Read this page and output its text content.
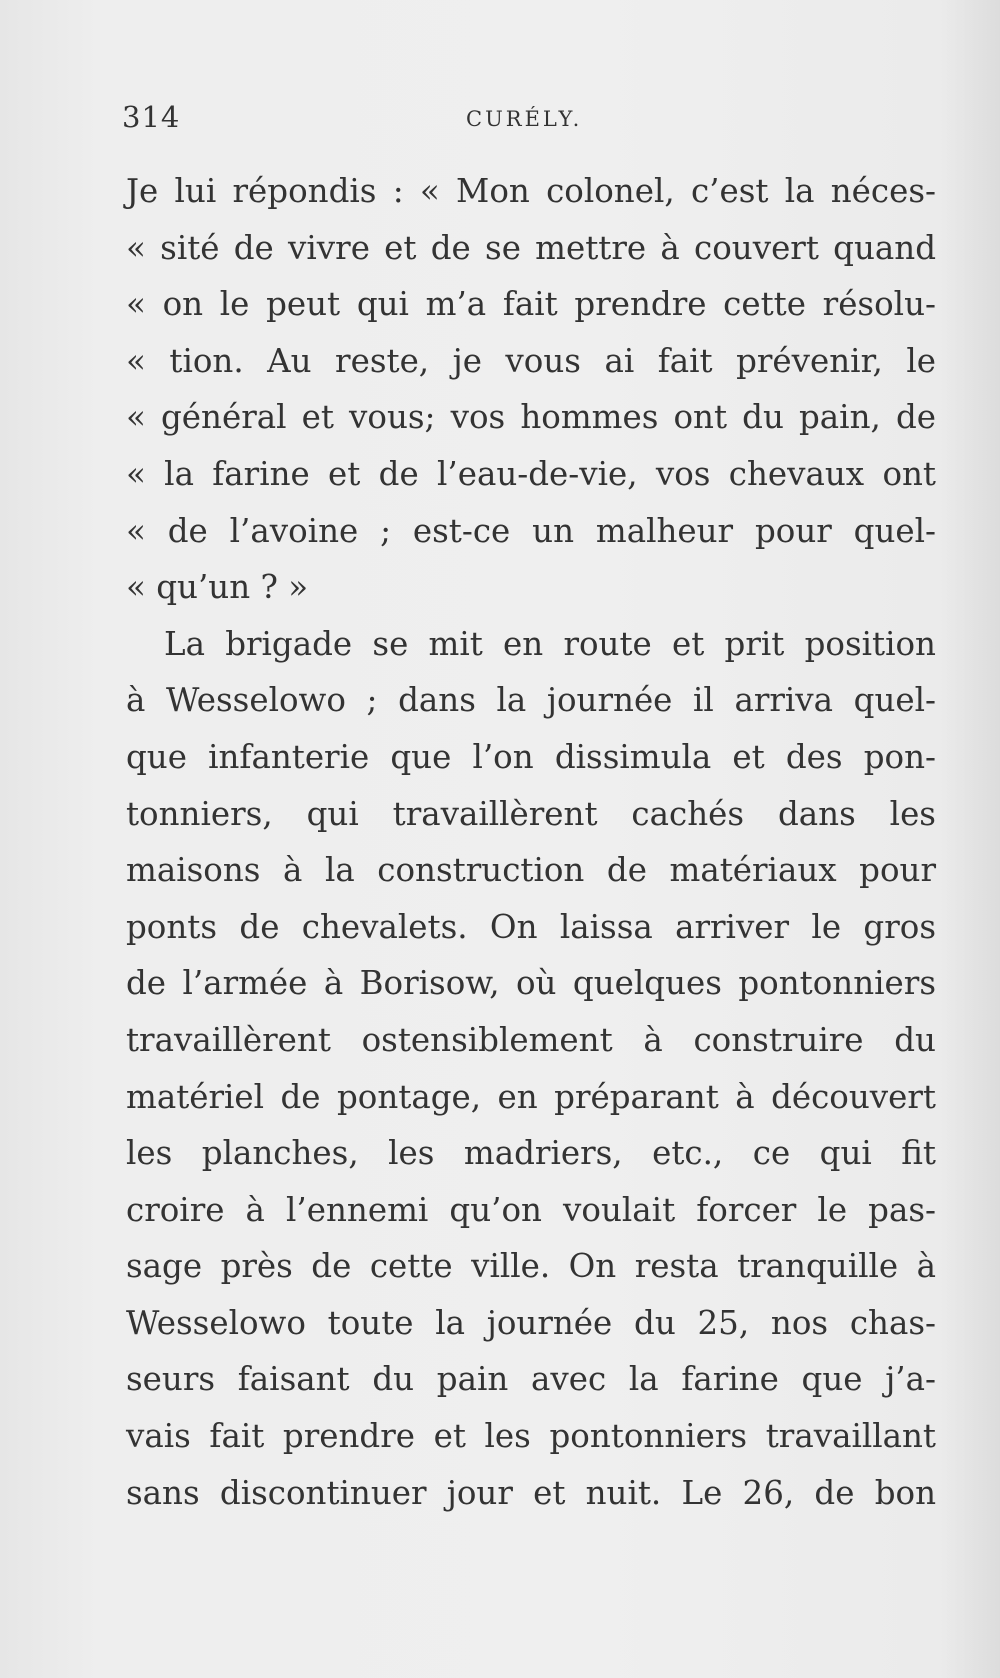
314	CURÉLY.
Je lui répondis : « Mon colonel, c’est la néces-
« sité de vivre et de se mettre à couvert quand
« on le peut qui m’a fait prendre cette résolu-
« tion. Au reste, je vous ai fait prévenir, le
« général et vous; vos hommes ont du pain, de
« la farine et de l’eau-de-vie, vos chevaux ont
« de l’avoine ; est-ce un malheur pour quel-
« qu’un ? »
La brigade se mit en route et prit position
à Wesselowo ; dans la journée il arriva quel-
que infanterie que l’on dissimula et des pon-
tonniers, qui travaillèrent cachés dans les
maisons à la construction de matériaux pour
ponts de chevalets. On laissa arriver le gros
de l’armée à Borisow, où quelques pontonniers
travaillèrent ostensiblement à construire du
matériel de pontage, en préparant à découvert
les planches, les madriers, etc., ce qui fit
croire à l’ennemi qu’on voulait forcer le pas-
sage près de cette ville. On resta tranquille à
Wesselowo toute la journée du 25, nos chas-
seurs faisant du pain avec la farine que j’a-
vais fait prendre et les pontonniers travaillant
sans discontinuer jour et nuit. Le 26, de bon
